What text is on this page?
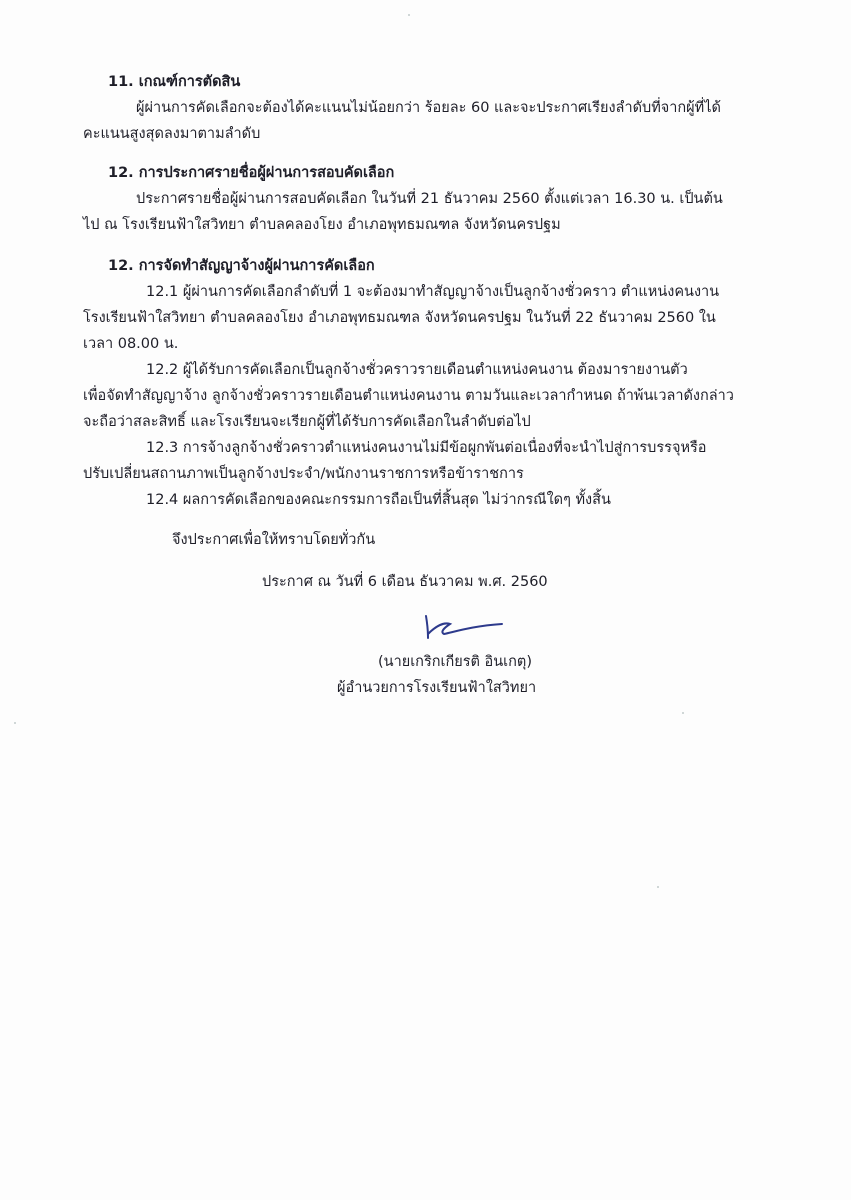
11. เกณฑ์การตัดสิน
ผู้ผ่านการคัดเลือกจะต้องได้คะแนนไม่น้อยกว่า ร้อยละ 60 และจะประกาศเรียงลำดับที่จากผู้ที่ได้
คะแนนสูงสุดลงมาตามลำดับ
12. การประกาศรายชื่อผู้ผ่านการสอบคัดเลือก
ประกาศรายชื่อผู้ผ่านการสอบคัดเลือก ในวันที่ 21 ธันวาคม 2560 ตั้งแต่เวลา 16.30 น. เป็นต้น
ไป ณ โรงเรียนฟ้าใสวิทยา ตำบลคลองโยง อำเภอพุทธมณฑล จังหวัดนครปฐม
12. การจัดทำสัญญาจ้างผู้ผ่านการคัดเลือก
12.1 ผู้ผ่านการคัดเลือกลำดับที่ 1 จะต้องมาทำสัญญาจ้างเป็นลูกจ้างชั่วคราว ตำแหน่งคนงาน
โรงเรียนฟ้าใสวิทยา ตำบลคลองโยง อำเภอพุทธมณฑล จังหวัดนครปฐม ในวันที่ 22 ธันวาคม 2560 ใน
เวลา 08.00 น.
12.2 ผู้ได้รับการคัดเลือกเป็นลูกจ้างชั่วคราวรายเดือนตำแหน่งคนงาน ต้องมารายงานตัว
เพื่อจัดทำสัญญาจ้าง ลูกจ้างชั่วคราวรายเดือนตำแหน่งคนงาน ตามวันและเวลากำหนด ถ้าพ้นเวลาดังกล่าว
จะถือว่าสละสิทธิ์ และโรงเรียนจะเรียกผู้ที่ได้รับการคัดเลือกในลำดับต่อไป
12.3 การจ้างลูกจ้างชั่วคราวตำแหน่งคนงานไม่มีข้อผูกพันต่อเนื่องที่จะนำไปสู่การบรรจุหรือ
ปรับเปลี่ยนสถานภาพเป็นลูกจ้างประจำ/พนักงานราชการหรือข้าราชการ
12.4 ผลการคัดเลือกของคณะกรรมการถือเป็นที่สิ้นสุด ไม่ว่ากรณีใดๆ ทั้งสิ้น
จึงประกาศเพื่อให้ทราบโดยทั่วกัน
ประกาศ ณ วันที่ 6 เดือน ธันวาคม พ.ศ. 2560
(นายเกริกเกียรติ อินเกตุ)
ผู้อำนวยการโรงเรียนฟ้าใสวิทยา
